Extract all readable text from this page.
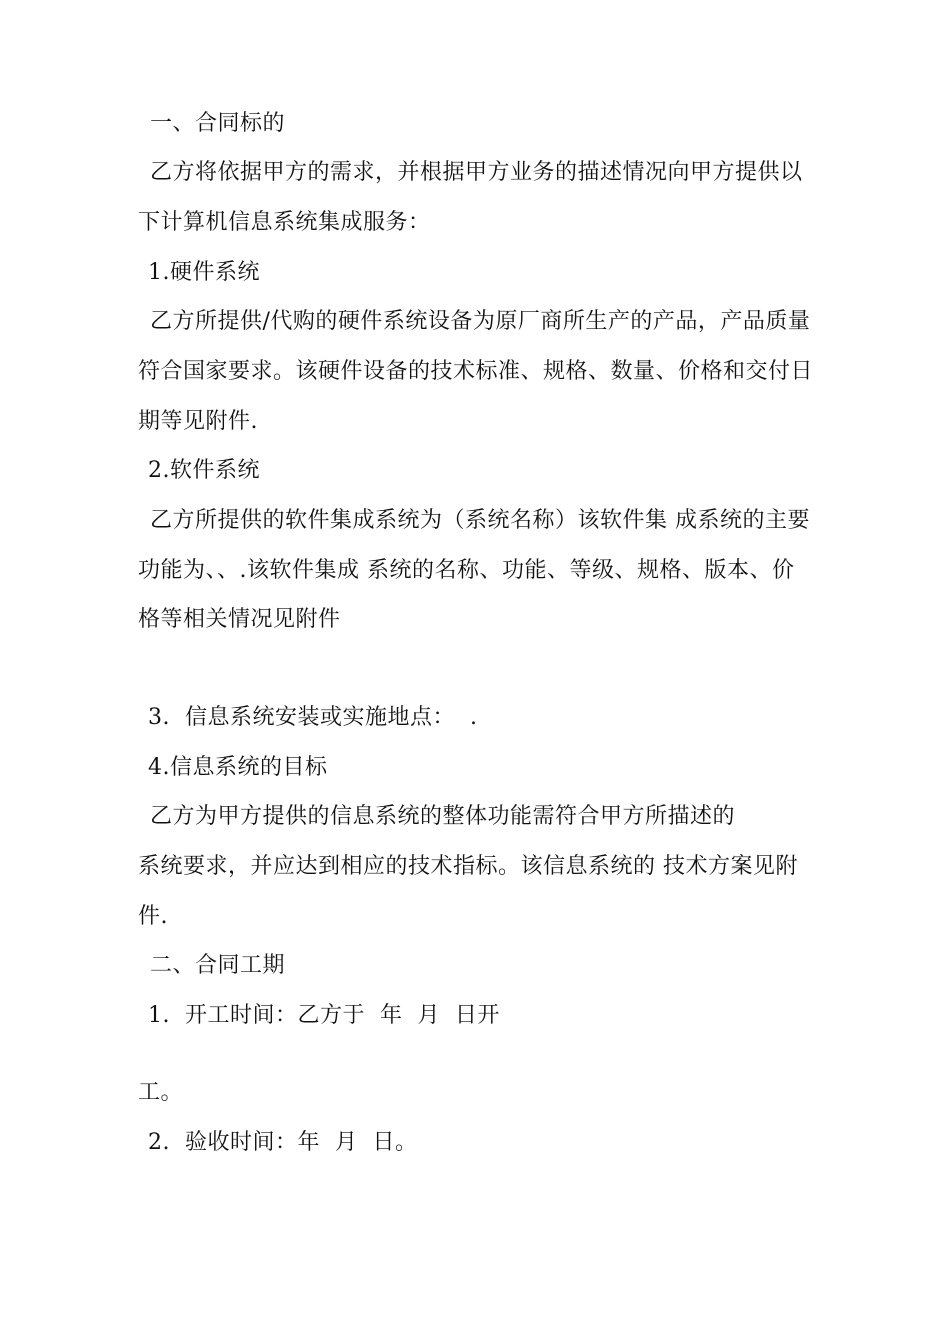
一、合同标的
乙方将依据甲方的需求，并根据甲方业务的描述情况向甲方提供以
下计算机信息系统集成服务：
1.硬件系统
乙方所提供/代购的硬件系统设备为原厂商所生产的产品，产品质量
符合国家要求。该硬件设备的技术标准、规格、数量、价格和交付日
期等见附件.
2.软件系统
乙方所提供的软件集成系统为（系统名称）该软件集 成系统的主要
功能为、、.该软件集成 系统的名称、功能、等级、规格、版本、价
格等相关情况见附件
3.  信息系统安装或实施地点：  .
4.信息系统的目标
乙方为甲方提供的信息系统的整体功能需符合甲方所描述的
系统要求，并应达到相应的技术指标。该信息系统的 技术方案见附
件.
二、合同工期
1.  开工时间：乙方于  年  月  日开
工。
2.  验收时间：年  月  日。
